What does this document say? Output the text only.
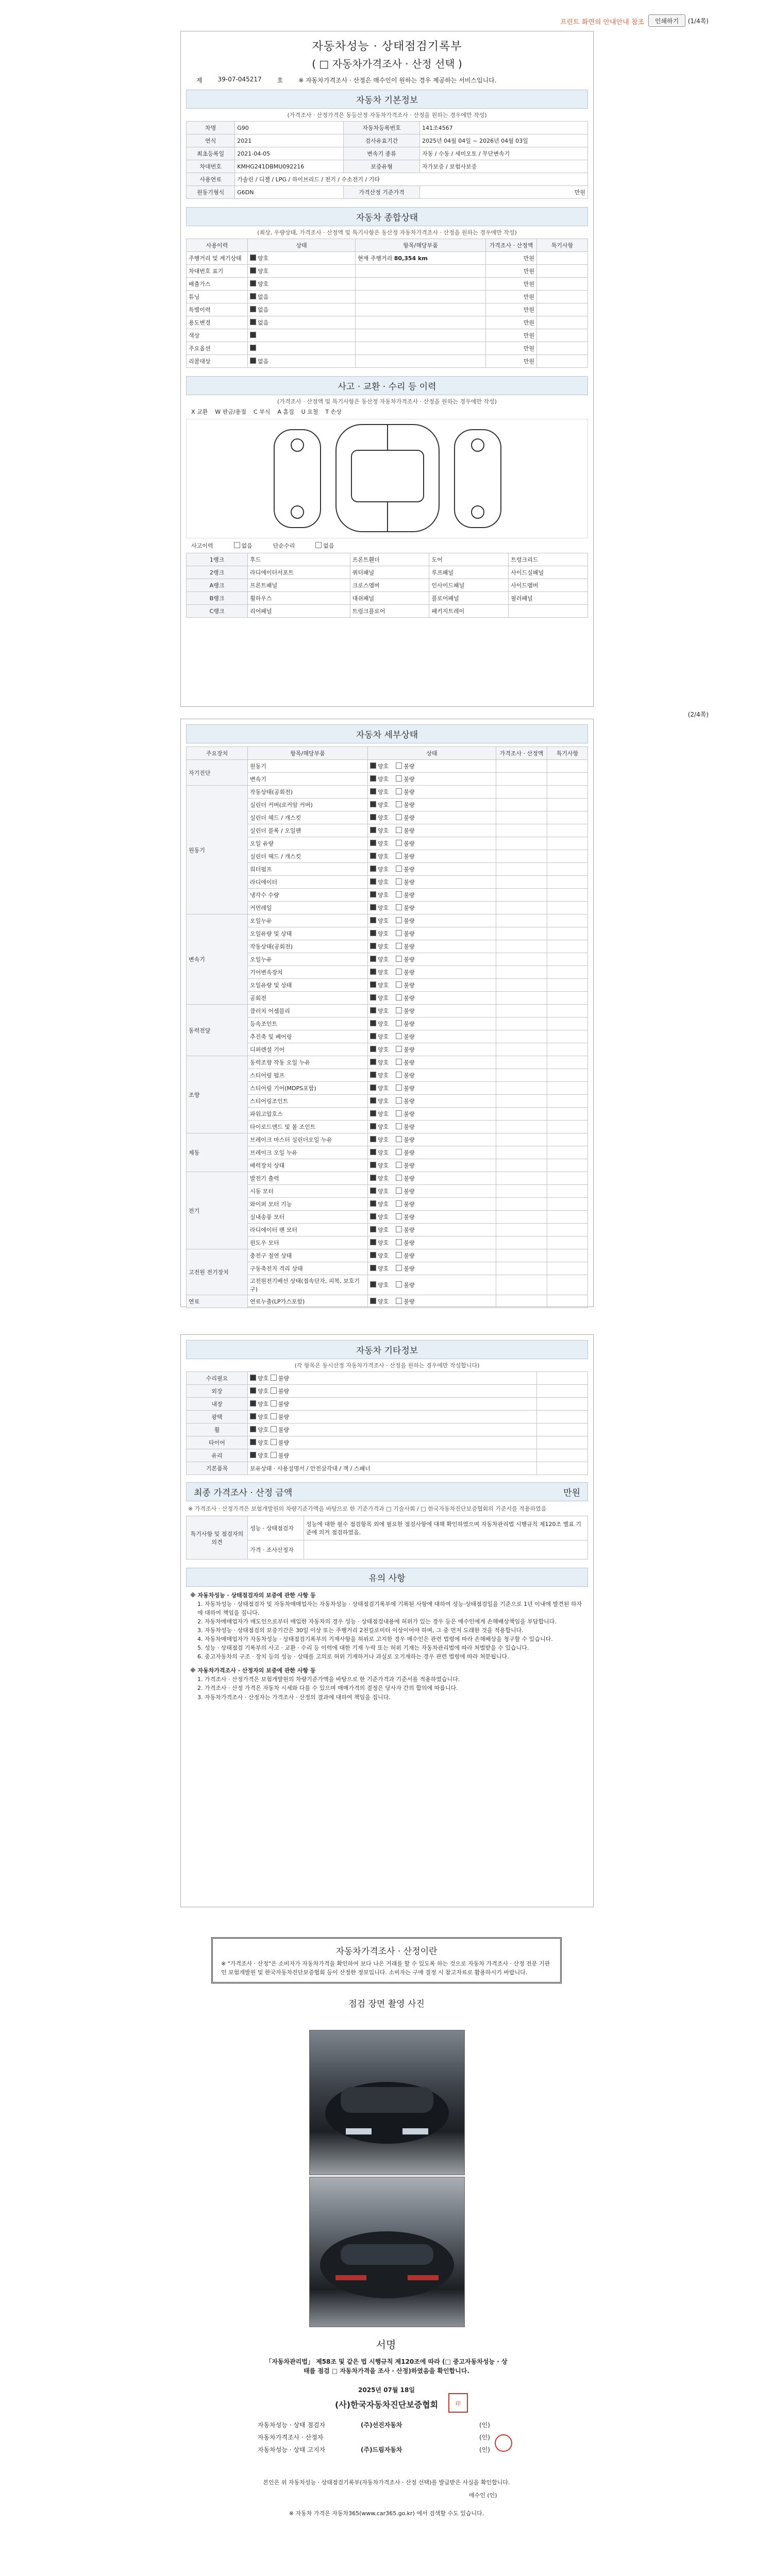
프린트 화면의 안내안내 참조	인쇄하기	(1/4쪽)
자동차성능 · 상태점검기록부
( □ 자동차가격조사 · 산정 선택 )
제	39-07-045217	호	※ 자동차가격조사 · 산정은 매수인이 원하는 경우 제공하는 서비스입니다.
자동차 기본정보
(가격조사 · 산정가격은 동등산정 자동차가격조사 · 산정을 원하는 경우에만 작성)
차명	G90	자동차등록번호	141조4567
연식	2021	검사유효기간	2025년 04월 04일 ~ 2026년 04월 03일
최초등록일	2021-04-05	변속기 종류	자동 / 수동 / 세미오토 / 무단변속기
차대번호	KMHG241DBMU092216	보증유형	자가보증 / 보험사보증
사용연료	가솔린 / 디젤 / LPG / 하이브리드 / 전기 / 수소전기 / 기타		
원동기형식	G6DN	가격산정 기준가격	만원
자동차 종합상태
(최상, 우량상태, 가격조사 · 산정액 및 특기사항은 동산정 자동차가격조사 · 산정을 원하는 경우에만 작성)
사용이력	상태	항목/해당부품	가격조사 · 산정액	특기사항
주행거리 및 계기상태	양호	현재 주행거리 80,354 km	만원	
차대번호 표기	양호		만원	
배출가스	양호		만원	
튜닝	없음		만원	
특별이력	없음		만원	
용도변경	없음		만원	
색상			만원	
주요옵션			만원	
리콜대상	없음		만원	
사고 · 교환 · 수리 등 이력
(가격조사 · 산정액 및 특기사항은 동산정 자동차가격조사 · 산정을 원하는 경우에만 작성)
X 교환 W 판금/용접 C 부식 A 흠집 U 요철 T 손상
사고이력	없음	단순수리	없음
1랭크	후드	프론트휀더	도어	트렁크리드
2랭크	라디에이터서포트	쿼터패널	루프패널	사이드실패널
A랭크	프론트패널	크로스멤버	인사이드패널	사이드멤버
B랭크	휠하우스	대쉬패널	플로어패널	필러패널
C랭크	리어패널	트렁크플로어	패키지트레이	
(2/4쪽)
자동차 세부상태
주요장치	항목/해당부품	상태	가격조사 · 산정액	특기사항
자기진단	원동기	양호 불량		
	변속기	양호 불량		
원동기	작동상태(공회전)	양호 불량		
	실린더 커버(로커암 커버)	양호 불량		
	실린더 헤드 / 개스킷	양호 불량		
	실린더 블록 / 오일팬	양호 불량		
	오일 유량	양호 불량		
	실린더 헤드 / 개스킷	양호 불량		
	워터펌프	양호 불량		
	라디에이터	양호 불량		
	냉각수 수량	양호 불량		
	커먼레일	양호 불량		
변속기	오일누유	양호 불량		
	오일유량 및 상태	양호 불량		
	작동상태(공회전)	양호 불량		
	오일누유	양호 불량		
	기어변속장치	양호 불량		
	오일유량 및 상태	양호 불량		
	공회전	양호 불량		
동력전달	클러치 어셈블리	양호 불량		
	등속조인트	양호 불량		
	추진축 및 베어링	양호 불량		
	디퍼렌셜 기어	양호 불량		
조향	동력조향 작동 오일 누유	양호 불량		
	스티어링 펌프	양호 불량		
	스티어링 기어(MDPS포함)	양호 불량		
	스티어링조인트	양호 불량		
	파워고압호스	양호 불량		
	타이로드엔드 및 볼 조인트	양호 불량		
제동	브레이크 마스터 실린더오일 누유	양호 불량		
	브레이크 오일 누유	양호 불량		
	배력장치 상태	양호 불량		
전기	발전기 출력	양호 불량		
	시동 모터	양호 불량		
	와이퍼 모터 기능	양호 불량		
	실내송풍 모터	양호 불량		
	라디에이터 팬 모터	양호 불량		
	윈도우 모터	양호 불량		
고전원 전기장치	충전구 절연 상태	양호 불량		
	구동축전지 격리 상태	양호 불량		
	고전원전기배선 상태(접속단자, 피복, 보호기구)	양호 불량		
연료	연료누출(LP가스포함)	양호 불량		
자동차 기타정보
(각 항목은 동시산정 자동차가격조사 · 산정을 원하는 경우에만 작성합니다)
수리필요	양호 불량	
외장	양호 불량	
내장	양호 불량	
광택	양호 불량	
휠	양호 불량	
타이어	양호 불량	
유리	양호 불량	
기본품목	보유상태 · 사용설명서 / 안전삼각대 / 잭 / 스패너	
최종 가격조사 · 산정 금액	만원
※ 가격조사 · 산정가격은 보험개발원의 차량기준가액을 바탕으로 한 기준가격과 □ 기술사회 / □ 한국자동차진단보증협회의 기준서를 적용하였음
특기사항 및 점검자의 의견	성능 · 상태점검자	성능에 대한 필수 점검항목 외에 필요한 점검사항에 대해 확인하였으며 자동차관리법 시행규칙 제120조 별표 기준에 의거 점검하였음.
	가격 · 조사산정자	
유의 사항
※ 자동차성능 · 상태점검자의 보증에 관한 사항 등
1. 자동차성능 · 상태점검자 및 자동차매매업자는 자동차성능 · 상태점검기록부에 기록된 사항에 대하여 성능·상태점검일을 기준으로 1년 이내에 발견된 하자에 대하여 책임을 집니다.
2. 자동차매매업자가 매도인으로부터 매입한 자동차의 경우 성능 · 상태점검내용에 허위가 있는 경우 등은 매수인에게 손해배상책임을 부담합니다.
3. 자동차성능 · 상태점검의 보증기간은 30일 이상 또는 주행거리 2천킬로미터 이상이어야 하며, 그 중 먼저 도래한 것을 적용합니다.
4. 자동차매매업자가 자동차성능 · 상태점검기록부의 기재사항을 허위로 고지한 경우 매수인은 관련 법령에 따라 손해배상을 청구할 수 있습니다.
5. 성능 · 상태점검 기록부의 사고 · 교환 · 수리 등 이력에 대한 기재 누락 또는 허위 기재는 자동차관리법에 따라 처벌받을 수 있습니다.
6. 중고자동차의 구조 · 장치 등의 성능 · 상태를 고의로 허위 기재하거나 과실로 오기재하는 경우 관련 법령에 따라 처분됩니다.
※ 자동차가격조사 · 산정자의 보증에 관한 사항 등
1. 가격조사 · 산정가격은 보험개발원의 차량기준가액을 바탕으로 한 기준가격과 기준서를 적용하였습니다.
2. 가격조사 · 산정 가격은 자동차 시세와 다를 수 있으며 매매가격의 결정은 당사자 간의 합의에 따릅니다.
3. 자동차가격조사 · 산정자는 가격조사 · 산정의 결과에 대하여 책임을 집니다.
자동차가격조사 · 산정이란
※ "가격조사 · 산정"은 소비자가 자동차가격을 확인하여 보다 나은 거래를 할 수 있도록 하는 것으로 자동차 가격조사 · 산정 전문 기관인 보험개발원 및 한국자동차진단보증협회 등이 산정한 정보입니다. 소비자는 구매 결정 시 참고자료로 활용하시기 바랍니다.
점검 장면 촬영 사진
서명
「자동차관리법」 제58조 및 같은 법 시행규칙 제120조에 따라 (□ 중고자동차성능 · 상태를 점검 □ 자동차가격을 조사 · 산정)하였음을 확인합니다.
2025년 07월 18일
(사)한국자동차진단보증협회	印
자동차성능 · 상태 점검자	(주)선진자동차	(인)
자동차가격조사 · 산정자	(인)
자동차성능 · 상태 고지자	(주)드림자동차	(인)
본인은 위 자동차성능 · 상태점검기록부(자동차가격조사 · 산정 선택)를 발급받은 사실을 확인합니다.
매수인 (인)
※ 자동차 가격은 자동차365(www.car365.go.kr) 에서 검색할 수도 있습니다.
